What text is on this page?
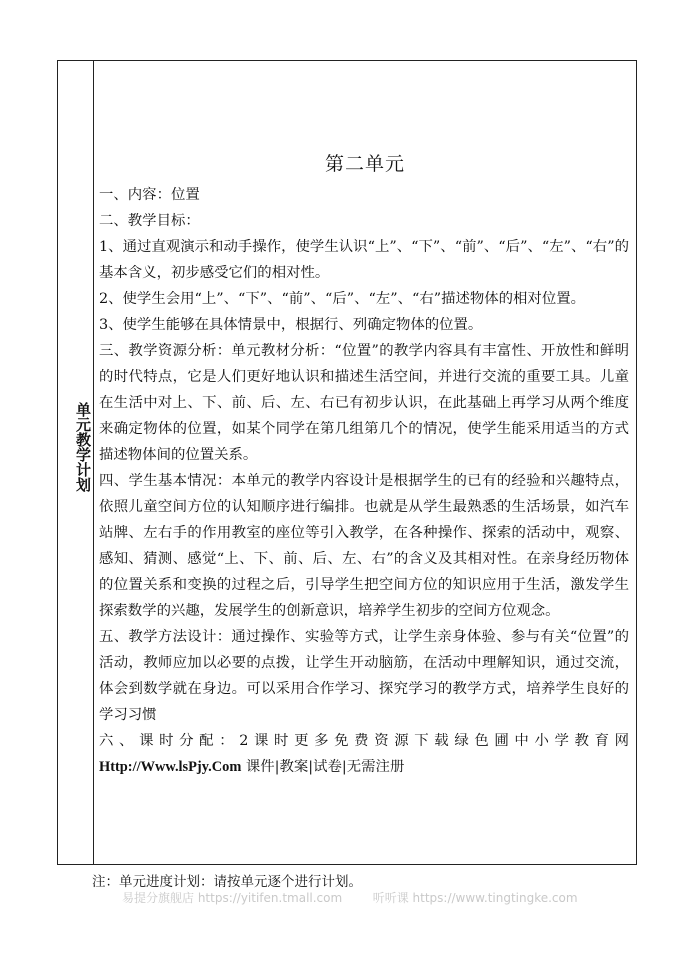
单元教学计划
第二单元

一、内容：位置

二、教学目标：

1、通过直观演示和动手操作，使学生认识“上”、“下”、“前”、“后”、“左”、“右”的基本含义，初步感受它们的相对性。

2、使学生会用“上”、“下”、“前”、“后”、“左”、“右”描述物体的相对位置。

3、使学生能够在具体情景中，根据行、列确定物体的位置。

三、教学资源分析：单元教材分析：“位置”的教学内容具有丰富性、开放性和鲜明的时代特点，它是人们更好地认识和描述生活空间，并进行交流的重要工具。儿童在生活中对上、下、前、后、左、右已有初步认识，在此基础上再学习从两个维度来确定物体的位置，如某个同学在第几组第几个的情况，使学生能采用适当的方式描述物体间的位置关系。

四、学生基本情况：本单元的教学内容设计是根据学生的已有的经验和兴趣特点，依照儿童空间方位的认知顺序进行编排。也就是从学生最熟悉的生活场景，如汽车站牌、左右手的作用教室的座位等引入教学，在各种操作、探索的活动中，观察、感知、猜测、感觉“上、下、前、后、左、右”的含义及其相对性。在亲身经历物体的位置关系和变换的过程之后，引导学生把空间方位的知识应用于生活，激发学生探索数学的兴趣，发展学生的创新意识，培养学生初步的空间方位观念。

五、教学方法设计：通过操作、实验等方式，让学生亲身体验、参与有关“位置”的活动，教师应加以必要的点拨，让学生开动脑筋，在活动中理解知识，通过交流，体会到数学就在身边。可以采用合作学习、探究学习的教学方式，培养学生良好的学习习惯

六、课时分配：2课时更多免费资源下载绿色圃中小学教育网

Http://Www.lsPjy.Com 课件|教案|试卷|无需注册

注：单元进度计划：请按单元逐个进行计划。
易提分旗舰店 https://yitifen.tmall.com        听听课 https://www.tingtingke.com
